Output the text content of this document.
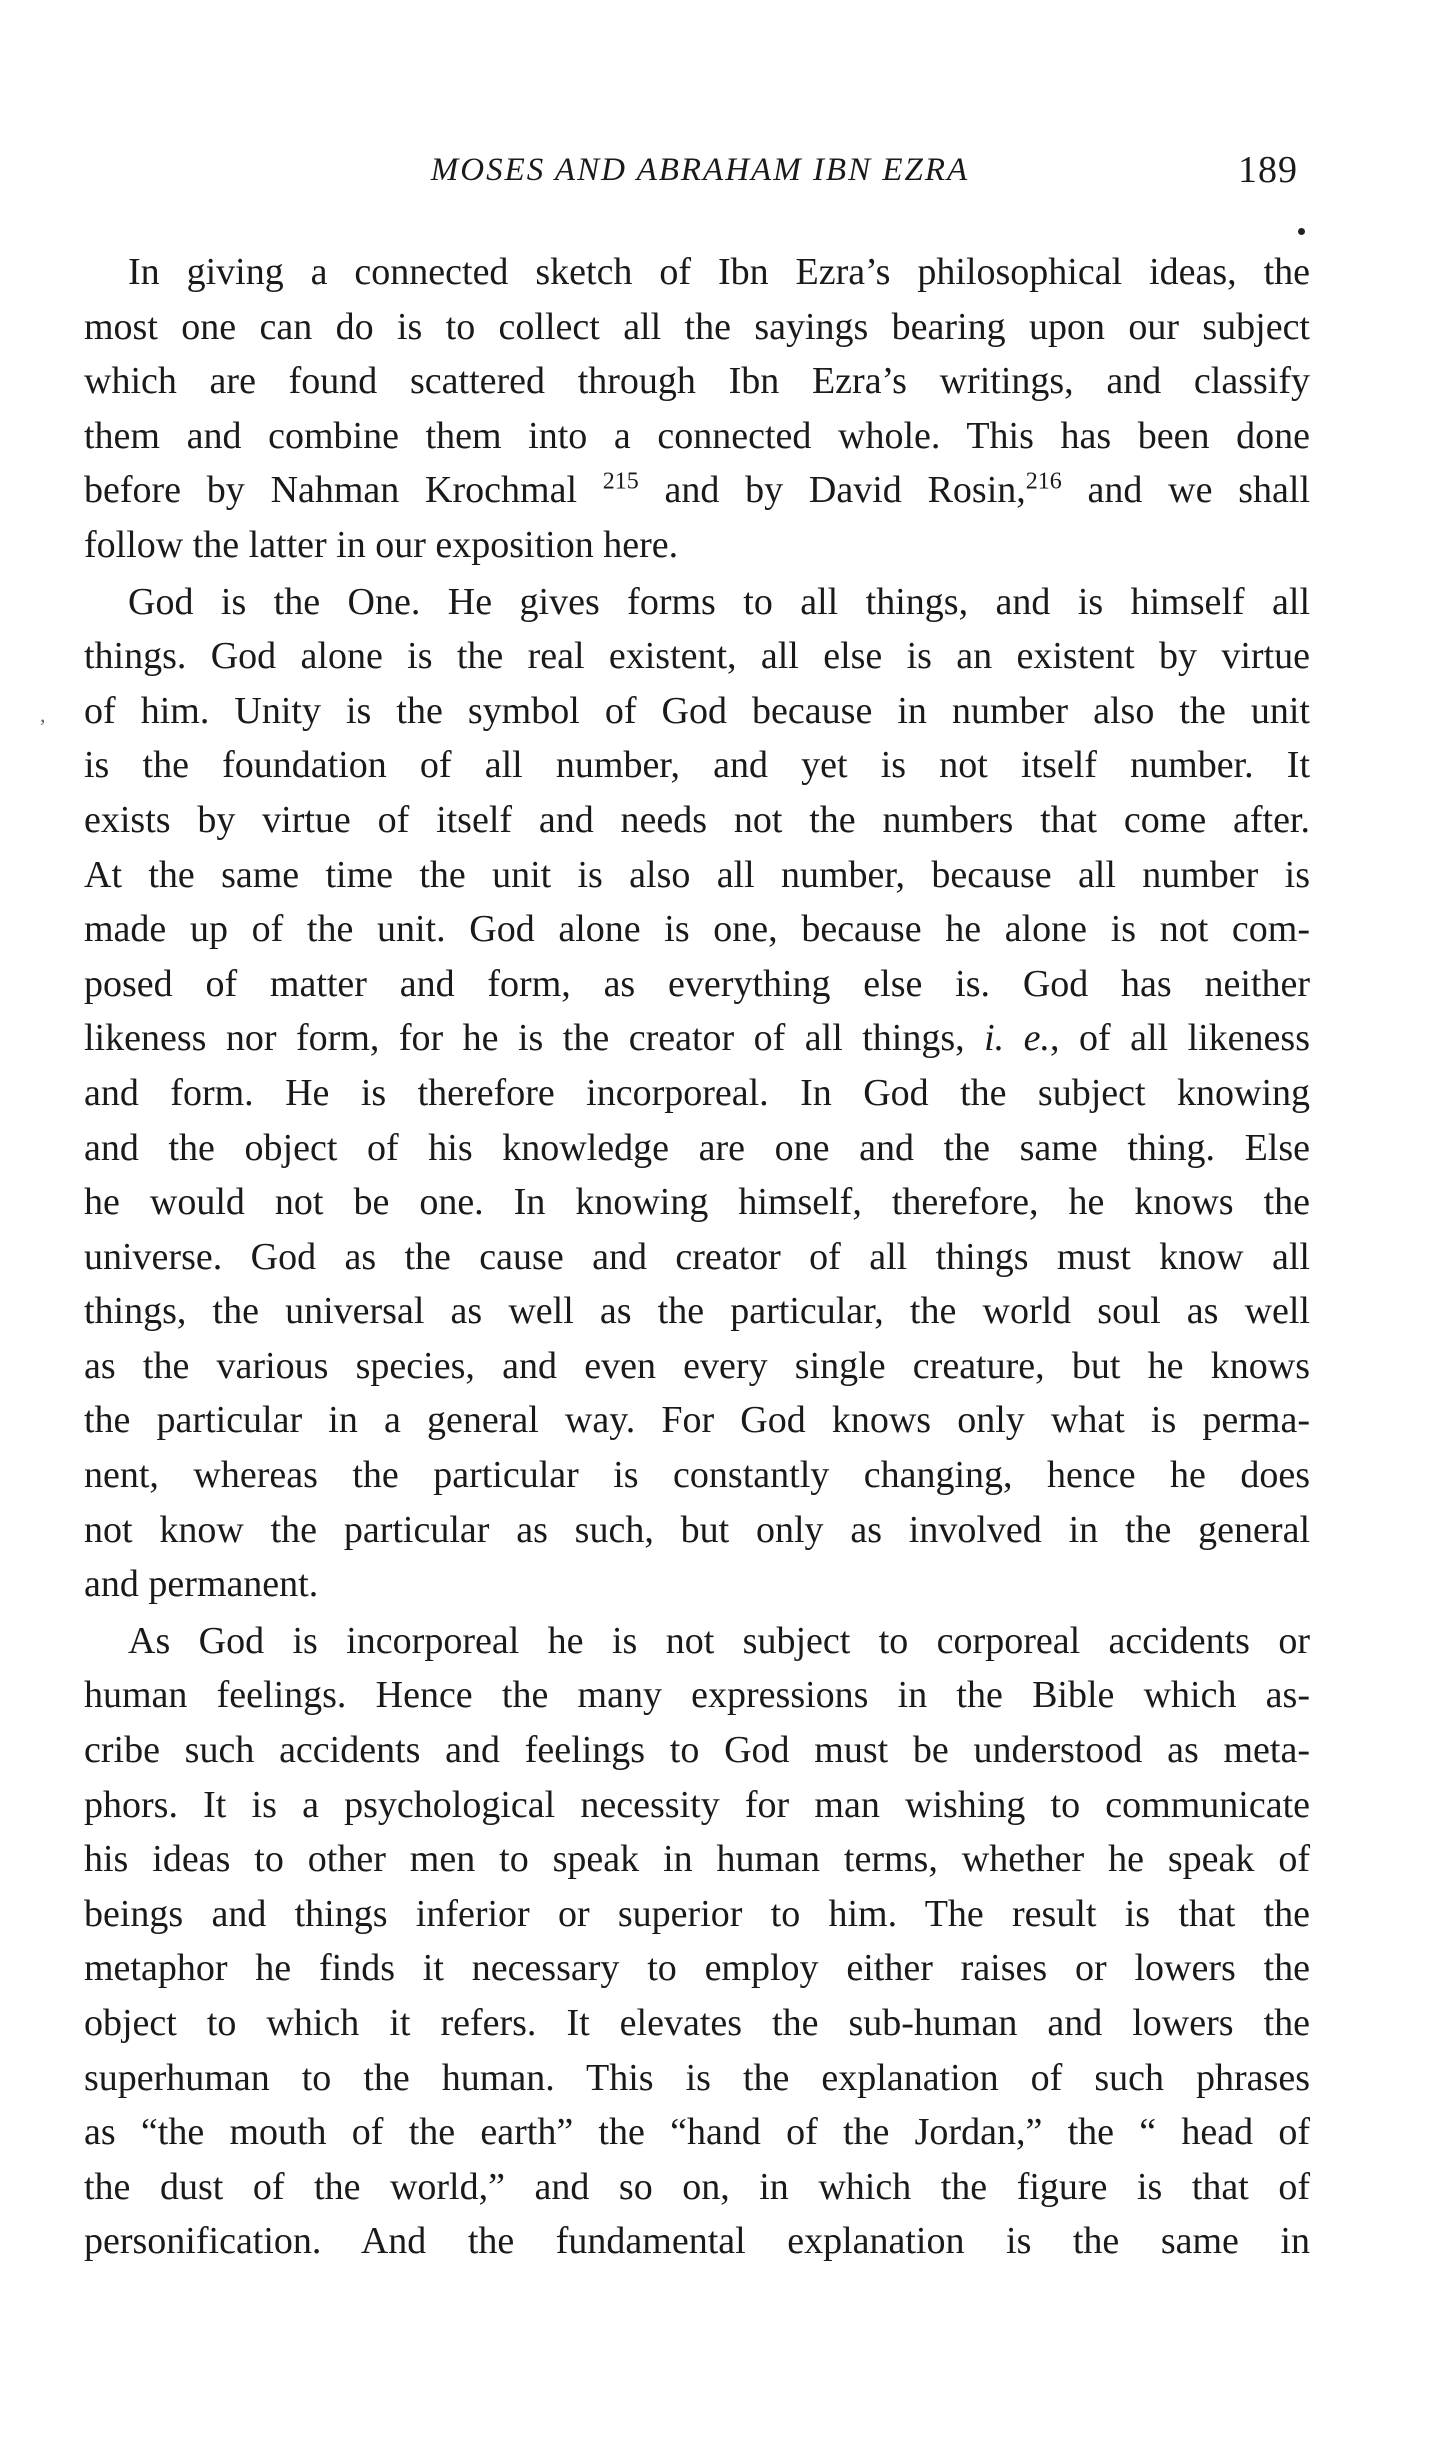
MOSES AND ABRAHAM IBN EZRA	189
,
In giving a connected sketch of Ibn Ezra’s philosophical ideas, the
most one can do is to collect all the sayings bearing upon our subject
which are found scattered through Ibn Ezra’s writings, and classify
them and combine them into a connected whole. This has been done
before by Nahman Krochmal $^{215}$ and by David Rosin,$^{216}$ and we shall
follow the latter in our exposition here.
God is the One. He gives forms to all things, and is himself all
things. God alone is the real existent, all else is an existent by virtue
of him. Unity is the symbol of God because in number also the unit
is the foundation of all number, and yet is not itself number. It
exists by virtue of itself and needs not the numbers that come after.
At the same time the unit is also all number, because all number is
made up of the unit. God alone is one, because he alone is not com-
posed of matter and form, as everything else is. God has neither
likeness nor form, for he is the creator of all things, i. e., of all likeness
and form. He is therefore incorporeal. In God the subject knowing
and the object of his knowledge are one and the same thing. Else
he would not be one. In knowing himself, therefore, he knows the
universe. God as the cause and creator of all things must know all
things, the universal as well as the particular, the world soul as well
as the various species, and even every single creature, but he knows
the particular in a general way. For God knows only what is perma-
nent, whereas the particular is constantly changing, hence he does
not know the particular as such, but only as involved in the general
and permanent.
As God is incorporeal he is not subject to corporeal accidents or
human feelings. Hence the many expressions in the Bible which as-
cribe such accidents and feelings to God must be understood as meta-
phors. It is a psychological necessity for man wishing to communicate
his ideas to other men to speak in human terms, whether he speak of
beings and things inferior or superior to him. The result is that the
metaphor he finds it necessary to employ either raises or lowers the
object to which it refers. It elevates the sub-human and lowers the
superhuman to the human. This is the explanation of such phrases
as “the mouth of the earth” the “hand of the Jordan,” the “ head of
the dust of the world,” and so on, in which the figure is that of
personification. And the fundamental explanation is the same in
